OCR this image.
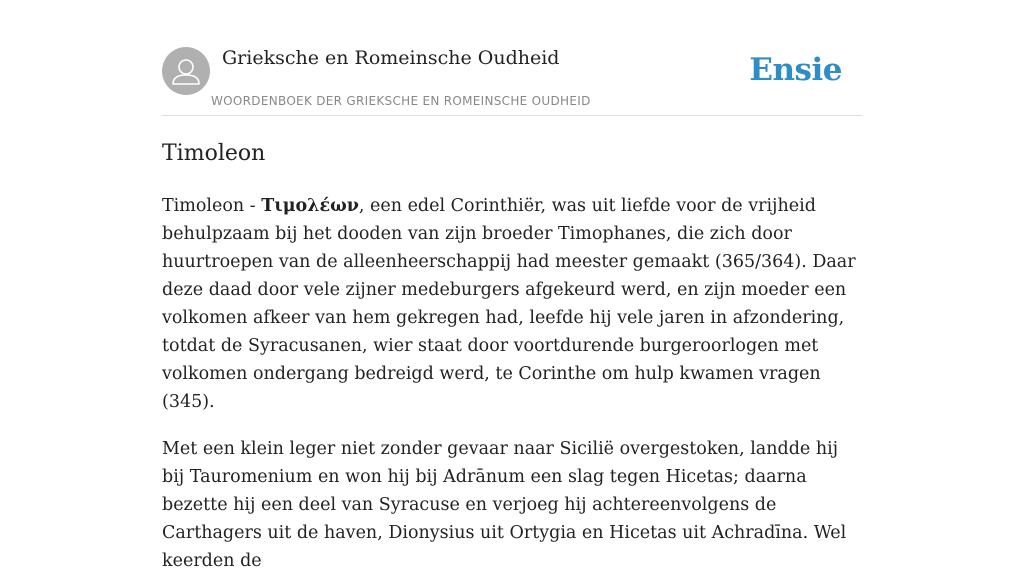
Grieksche en Romeinsche Oudheid
WOORDENBOEK DER GRIEKSCHE EN ROMEINSCHE OUDHEID
Ensie
Timoleon

Timoleon - Τιμολέων, een edel Corinthiër, was uit liefde voor de vrijheid behulpzaam bij het dooden van zijn broeder Timophanes, die zich door huurtroepen van de alleenheerschappij had meester gemaakt (365/364). Daar deze daad door vele zijner medeburgers afgekeurd werd, en zijn moeder een volkomen afkeer van hem gekregen had, leefde hij vele jaren in afzondering, totdat de Syracusanen, wier staat door voortdurende burgeroorlogen met volkomen ondergang bedreigd werd, te Corinthe om hulp kwamen vragen (345).

Met een klein leger niet zonder gevaar naar Sicilië overgestoken, landde hij bij Tauromenium en won hij bij Adrānum een slag tegen Hicetas; daarna bezette hij een deel van Syracuse en verjoeg hij achtereenvolgens de Carthagers uit de haven, Dionysius uit Ortygia en Hicetas uit Achradīna. Wel keerden de
